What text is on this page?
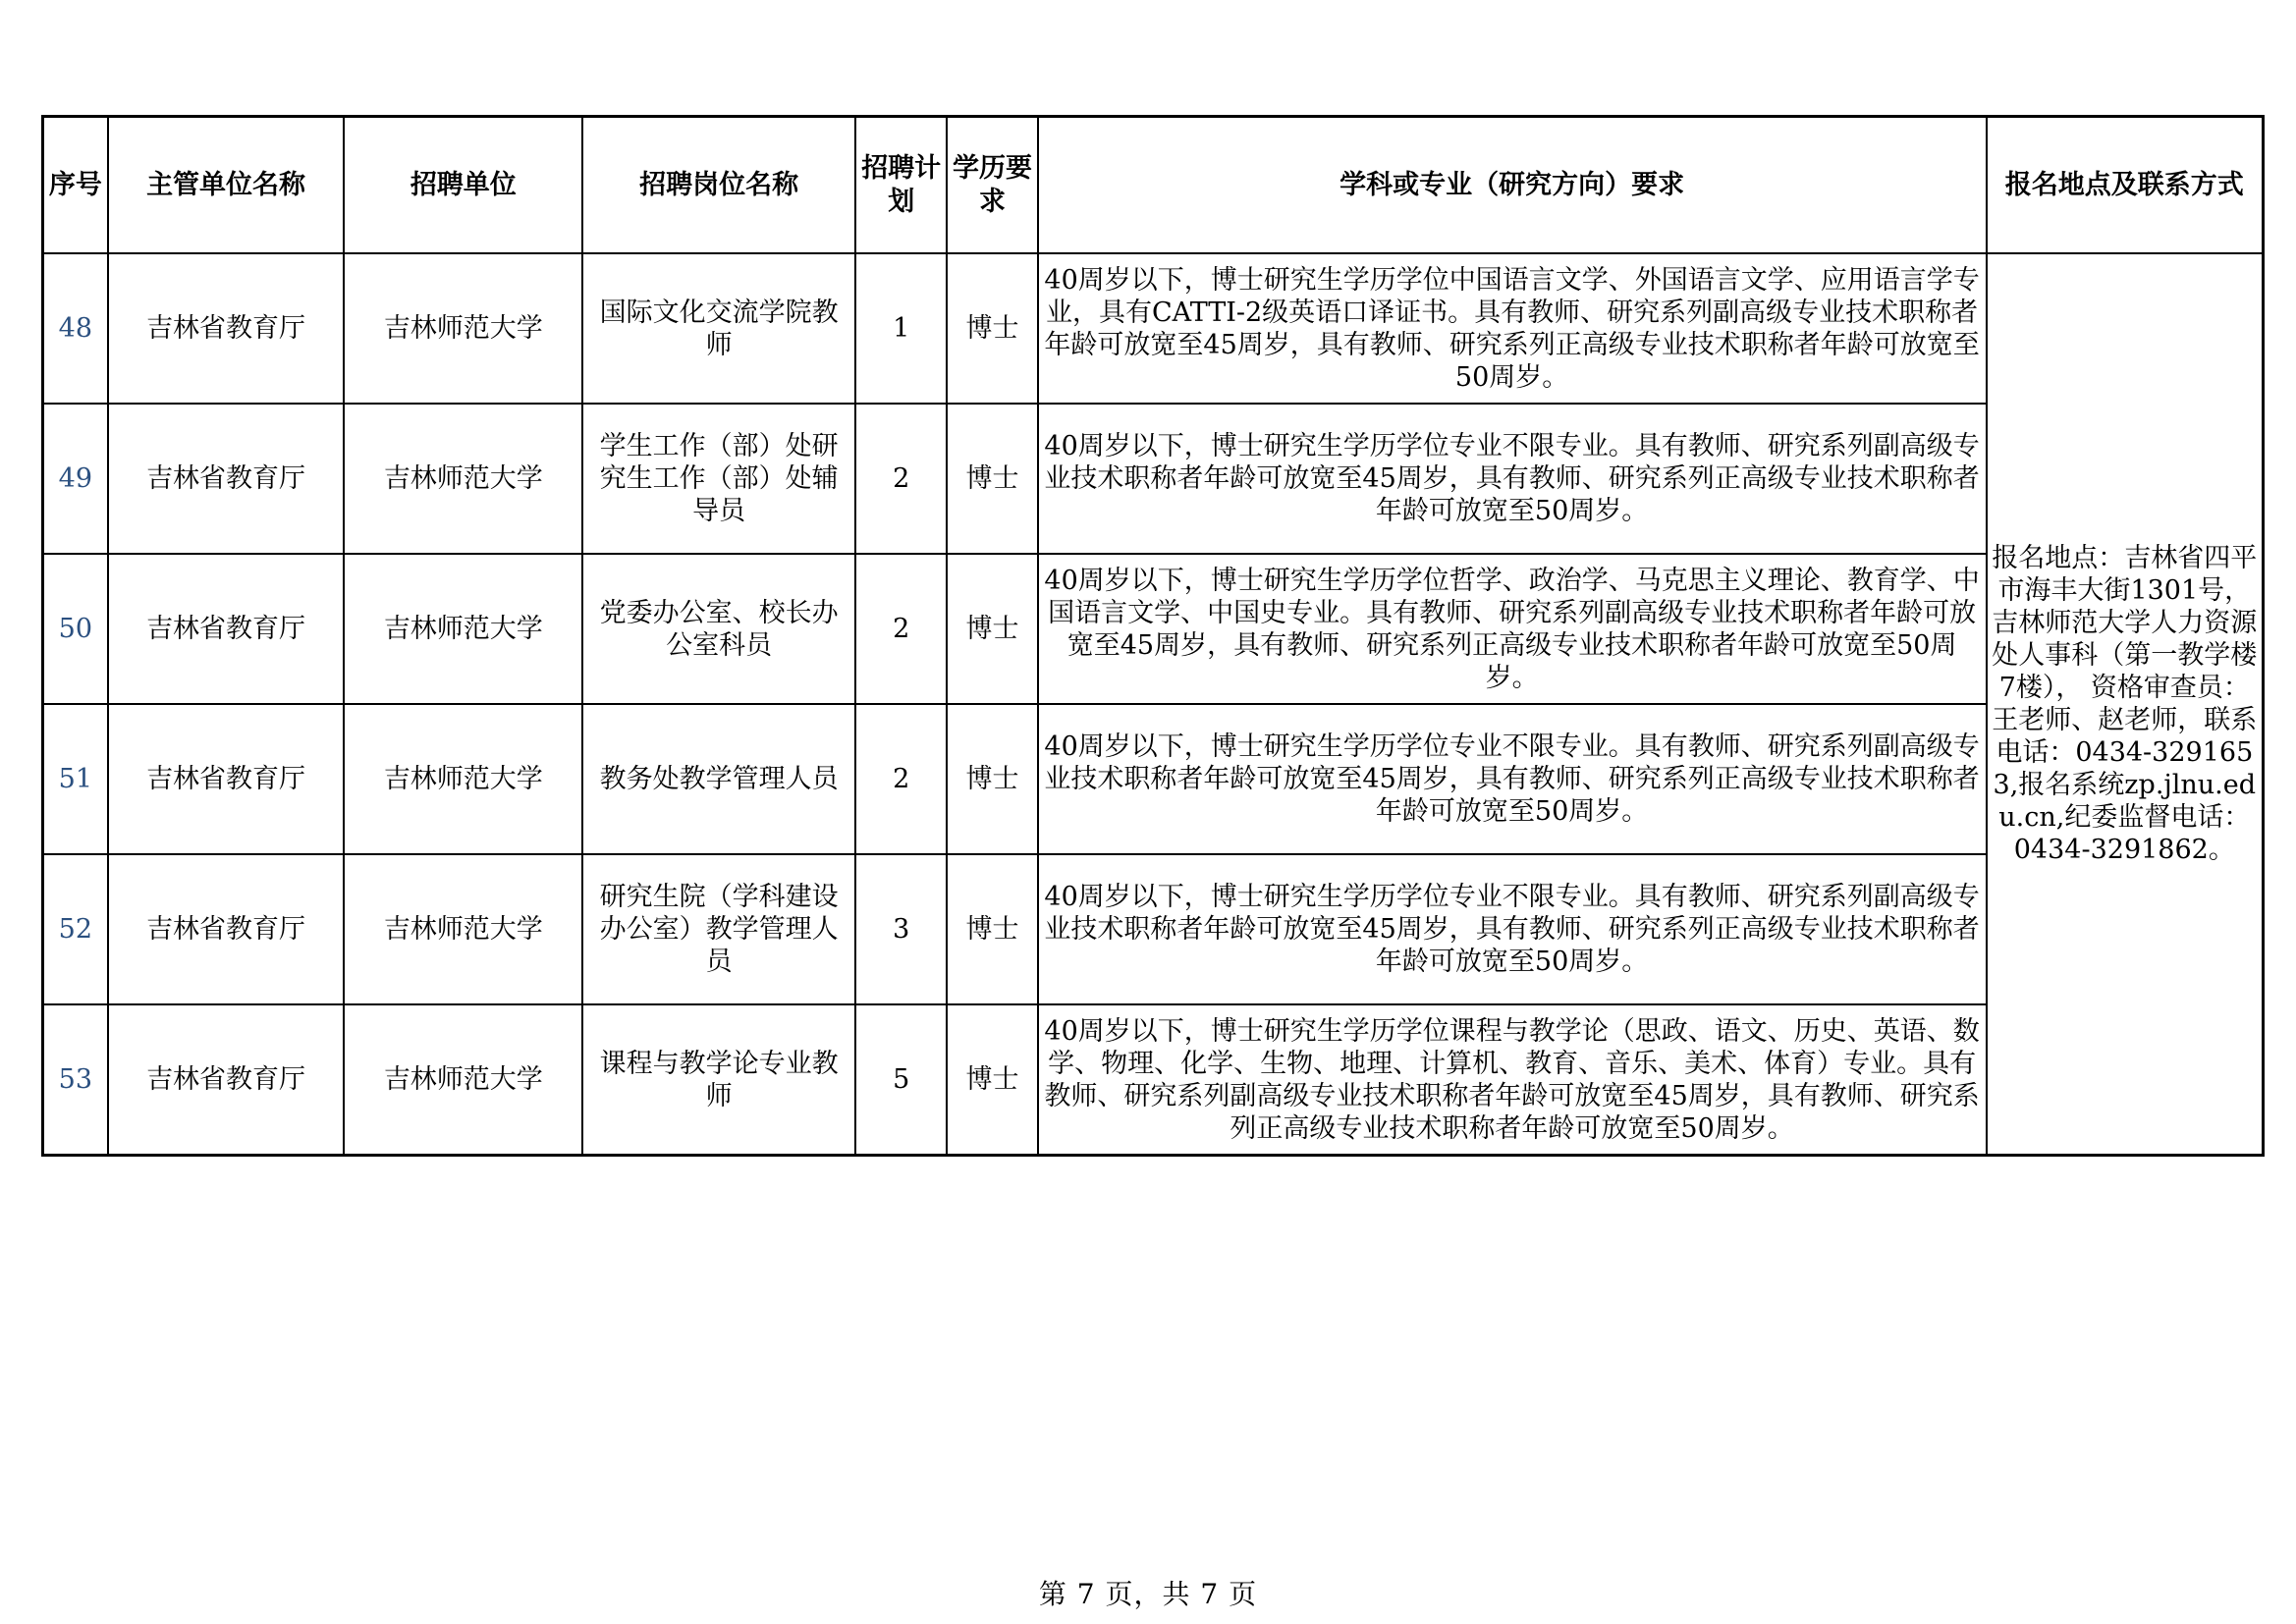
序号	主管单位名称	招聘单位	招聘岗位名称	招聘计划	学历要求	学科或专业（研究方向）要求	报名地点及联系方式
48	吉林省教育厅	吉林师范大学	国际文化交流学院教师	1	博士	40周岁以下，博士研究生学历学位中国语言文学、外国语言文学、应用语言学专业，具有CATTI-2级英语口译证书。具有教师、研究系列副高级专业技术职称者年龄可放宽至45周岁，具有教师、研究系列正高级专业技术职称者年龄可放宽至50周岁。	报名地点：吉林省四平市海丰大街1301号，吉林师范大学人力资源处人事科（第一教学楼7楼）， 资格审查员：王老师、赵老师，联系电话：0434-3291653,报名系统zp.jlnu.edu.cn,纪委监督电话：0434-3291862。
49	吉林省教育厅	吉林师范大学	学生工作（部）处研究生工作（部）处辅导员	2	博士	40周岁以下，博士研究生学历学位专业不限专业。具有教师、研究系列副高级专业技术职称者年龄可放宽至45周岁，具有教师、研究系列正高级专业技术职称者年龄可放宽至50周岁。	
50	吉林省教育厅	吉林师范大学	党委办公室、校长办公室科员	2	博士	40周岁以下，博士研究生学历学位哲学、政治学、马克思主义理论、教育学、中国语言文学、中国史专业。具有教师、研究系列副高级专业技术职称者年龄可放宽至45周岁，具有教师、研究系列正高级专业技术职称者年龄可放宽至50周岁。	
51	吉林省教育厅	吉林师范大学	教务处教学管理人员	2	博士	40周岁以下，博士研究生学历学位专业不限专业。具有教师、研究系列副高级专业技术职称者年龄可放宽至45周岁，具有教师、研究系列正高级专业技术职称者年龄可放宽至50周岁。	
52	吉林省教育厅	吉林师范大学	研究生院（学科建设办公室）教学管理人员	3	博士	40周岁以下，博士研究生学历学位专业不限专业。具有教师、研究系列副高级专业技术职称者年龄可放宽至45周岁，具有教师、研究系列正高级专业技术职称者年龄可放宽至50周岁。	
53	吉林省教育厅	吉林师范大学	课程与教学论专业教师	5	博士	40周岁以下，博士研究生学历学位课程与教学论（思政、语文、历史、英语、数学、物理、化学、生物、地理、计算机、教育、音乐、美术、体育）专业。具有教师、研究系列副高级专业技术职称者年龄可放宽至45周岁，具有教师、研究系列正高级专业技术职称者年龄可放宽至50周岁。	
第 7 页，共 7 页
